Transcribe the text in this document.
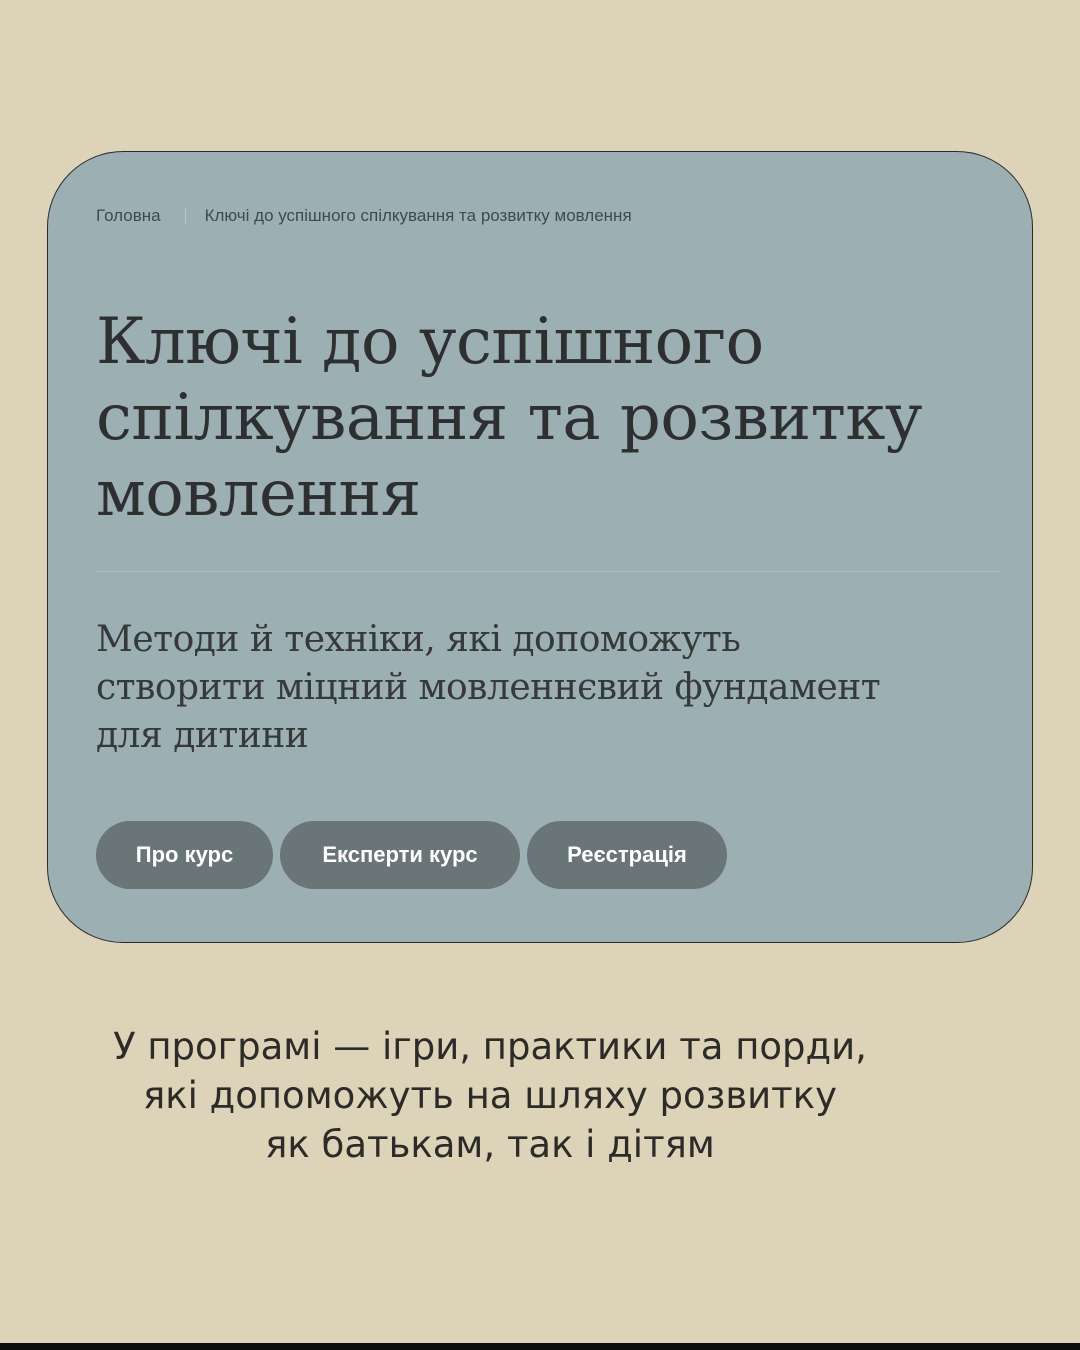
Головна	Ключі до успішного спілкування та розвитку мовлення
Ключі до успішного
спілкування та розвитку
мовлення

Методи й техніки, які допоможуть
створити міцний мовленнєвий фундамент
для дитини

Про курс	Експерти курс	Реєстрація

У програмі — ігри, практики та порди,
які допоможуть на шляху розвитку
як батькам, так і дітям
